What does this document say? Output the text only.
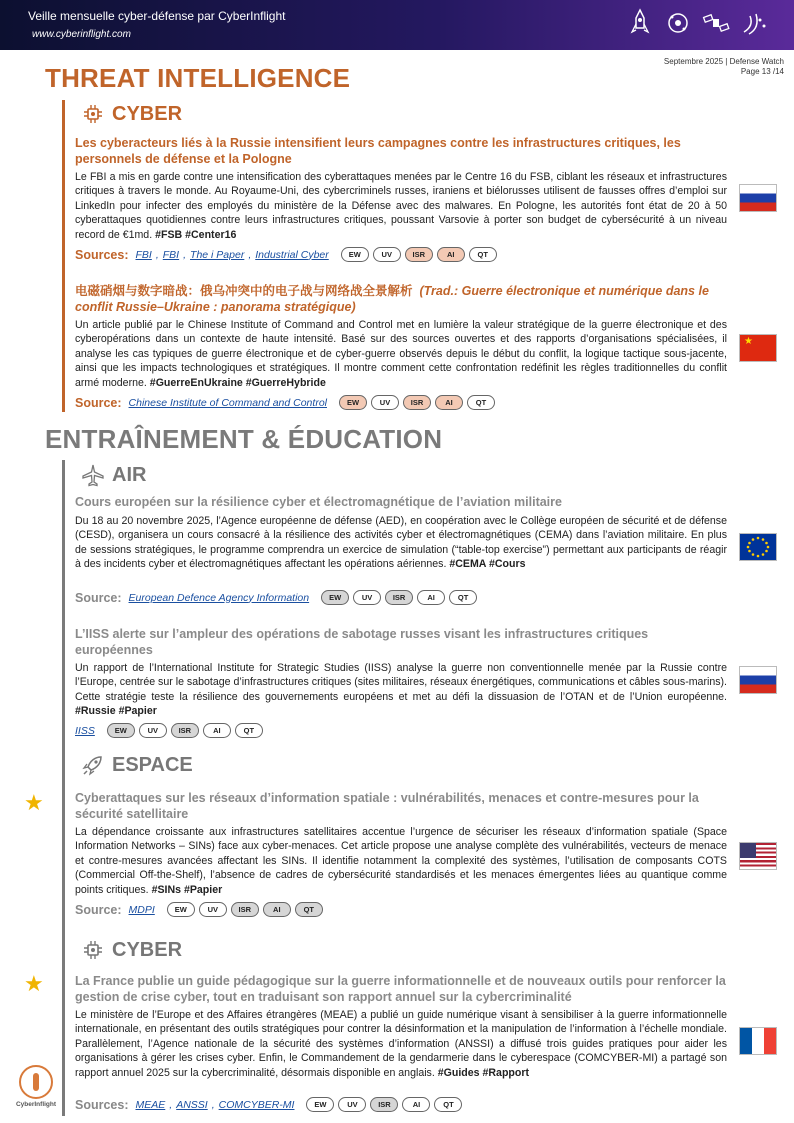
Veille mensuelle cyber-défense par CyberInflight
www.cyberinflight.com
Septembre 2025 | Defense Watch
Page 13 /14
THREAT INTELLIGENCE
CYBER
Les cyberacteurs liés à la Russie intensifient leurs campagnes contre les infrastructures critiques, les personnels de défense et la Pologne
Le FBI a mis en garde contre une intensification des cyberattaques menées par le Centre 16 du FSB, ciblant les réseaux et infrastructures critiques à travers le monde. Au Royaume-Uni, des cybercriminels russes, iraniens et biélorusses utilisent de fausses offres d’emploi sur LinkedIn pour infecter des employés du ministère de la Défense avec des malwares. En Pologne, les autorités font état de 20 à 50 cyberattaques quotidiennes contre leurs infrastructures critiques, poussant Varsovie à porter son budget de cybersécurité à un niveau record de €1md. #FSB #Center16
Sources: FBI , FBI , The i Paper , Industrial Cyber	EW	UV	ISR	AI	QT
电磁硝烟与数字暗战：俄乌冲突中的电子战与网络战全景解析 (Trad.: Guerre électronique et numérique dans le conflit Russie–Ukraine : panorama stratégique)
Un article publié par le Chinese Institute of Command and Control met en lumière la valeur stratégique de la guerre électronique et des cyberopérations dans un contexte de haute intensité. Basé sur des sources ouvertes et des rapports d’organisations spécialisées, il analyse les cas typiques de guerre électronique et de cyber-guerre observés depuis le début du conflit, la logique tactique sous-jacente, ainsi que les impacts technologiques et stratégiques. Il montre comment cette confrontation redéfinit les règles traditionnelles du conflit armé moderne. #GuerreEnUkraine #GuerreHybride
★
Source: Chinese Institute of Command and Control	EW	UV	ISR	AI	QT
ENTRAÎNEMENT & ÉDUCATION
AIR
Cours européen sur la résilience cyber et électromagnétique de l’aviation militaire
Du 18 au 20 novembre 2025, l’Agence européenne de défense (AED), en coopération avec le Collège européen de sécurité et de défense (CESD), organisera un cours consacré à la résilience des activités cyber et électromagnétiques (CEMA) dans l’aviation militaire. En plus de sessions stratégiques, le programme comprendra un exercice de simulation (“table-top exercise”) permettant aux participants de réagir à des incidents cyber et électromagnétiques affectant les opérations aériennes. #CEMA #Cours
Source: European Defence Agency Information	EW	UV	ISR	AI	QT
L’IISS alerte sur l’ampleur des opérations de sabotage russes visant les infrastructures critiques européennes
Un rapport de l’International Institute for Strategic Studies (IISS) analyse la guerre non conventionnelle menée par la Russie contre l’Europe, centrée sur le sabotage d’infrastructures critiques (sites militaires, réseaux énergétiques, communications et câbles sous-marins). Cette stratégie teste la résilience des gouvernements européens et met au défi la dissuasion de l’OTAN et de l’Union européenne. #Russie #Papier
IISS	EW	UV	ISR	AI	QT
ESPACE
★	Cyberattaques sur les réseaux d’information spatiale : vulnérabilités, menaces et contre-mesures pour la sécurité satellitaire
La dépendance croissante aux infrastructures satellitaires accentue l’urgence de sécuriser les réseaux d’information spatiale (Space Information Networks – SINs) face aux cyber-menaces. Cet article propose une analyse complète des vulnérabilités, vecteurs de menace et contre-mesures avancées affectant les SINs. Il identifie notamment la complexité des systèmes, l’utilisation de composants COTS (Commercial Off-the-Shelf), l’absence de cadres de cybersécurité standardisés et les menaces émergentes liées au quantique comme points critiques. #SINs #Papier
Source: MDPI	EW	UV	ISR	AI	QT
CYBER
★	La France publie un guide pédagogique sur la guerre informationnelle et de nouveaux outils pour renforcer la gestion de crise cyber, tout en traduisant son rapport annuel sur la cybercriminalité
Le ministère de l’Europe et des Affaires étrangères (MEAE) a publié un guide numérique visant à sensibiliser à la guerre informationnelle internationale, en présentant des outils stratégiques pour contrer la désinformation et la manipulation de l’information à l’échelle mondiale. Parallèlement, l’Agence nationale de la sécurité des systèmes d’information (ANSSI) a diffusé trois guides pratiques pour aider les organisations à gérer les crises cyber. Enfin, le Commandement de la gendarmerie dans le cyberespace (COMCYBER-MI) a partagé son rapport annuel 2025 sur la cybercriminalité, désormais disponible en anglais. #Guides #Rapport
Sources: MEAE , ANSSI , COMCYBER-MI	EW	UV	ISR	AI	QT
CyberInflight
